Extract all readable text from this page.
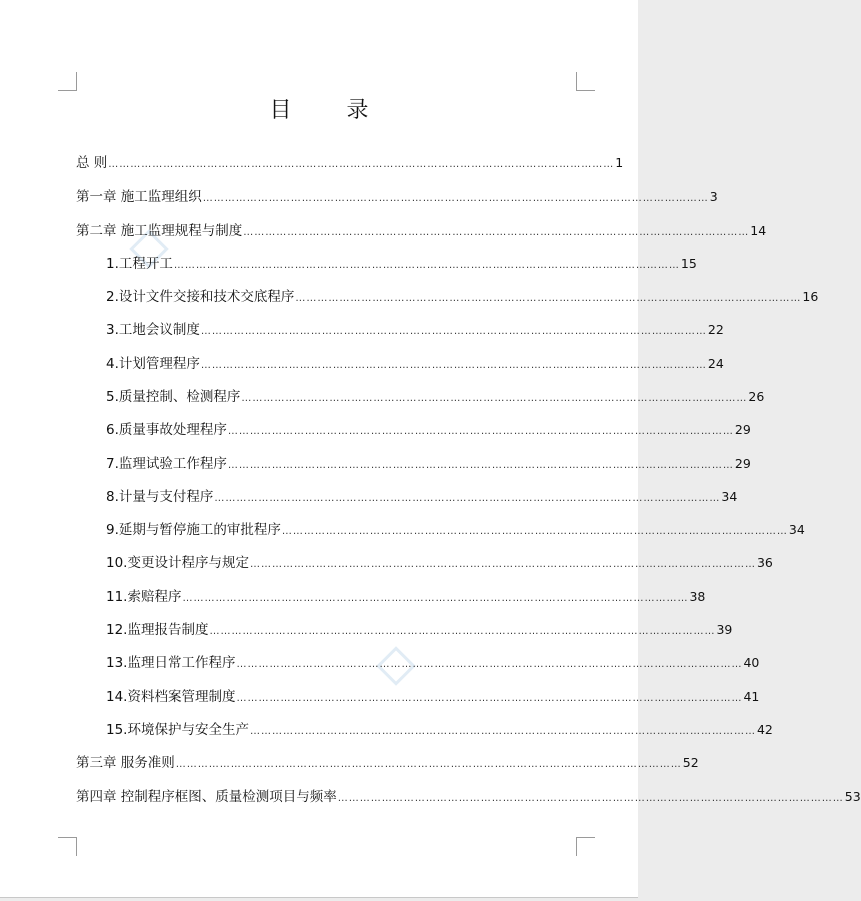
目 录
总 则 ………………………………………………………………………………………………………………………… 1
第一章 施工监理组织 ………………………………………………………………………………………………………………………… 3
第二章 施工监理规程与制度 ………………………………………………………………………………………………………………………… 14
1.工程开工 ………………………………………………………………………………………………………………………… 15
2.设计文件交接和技术交底程序 ………………………………………………………………………………………………………………………… 16
3.工地会议制度 ………………………………………………………………………………………………………………………… 22
4.计划管理程序 ………………………………………………………………………………………………………………………… 24
5.质量控制、检测程序 ………………………………………………………………………………………………………………………… 26
6.质量事故处理程序 ………………………………………………………………………………………………………………………… 29
7.监理试验工作程序 ………………………………………………………………………………………………………………………… 29
8.计量与支付程序 ………………………………………………………………………………………………………………………… 34
9.延期与暂停施工的审批程序 ………………………………………………………………………………………………………………………… 34
10.变更设计程序与规定 ………………………………………………………………………………………………………………………… 36
11.索赔程序 ………………………………………………………………………………………………………………………… 38
12.监理报告制度 ………………………………………………………………………………………………………………………… 39
13.监理日常工作程序 ………………………………………………………………………………………………………………………… 40
14.资料档案管理制度 ………………………………………………………………………………………………………………………… 41
15.环境保护与安全生产 ………………………………………………………………………………………………………………………… 42
第三章 服务准则 ………………………………………………………………………………………………………………………… 52
第四章 控制程序框图、质量检测项目与频率 ………………………………………………………………………………………………………………………… 53
